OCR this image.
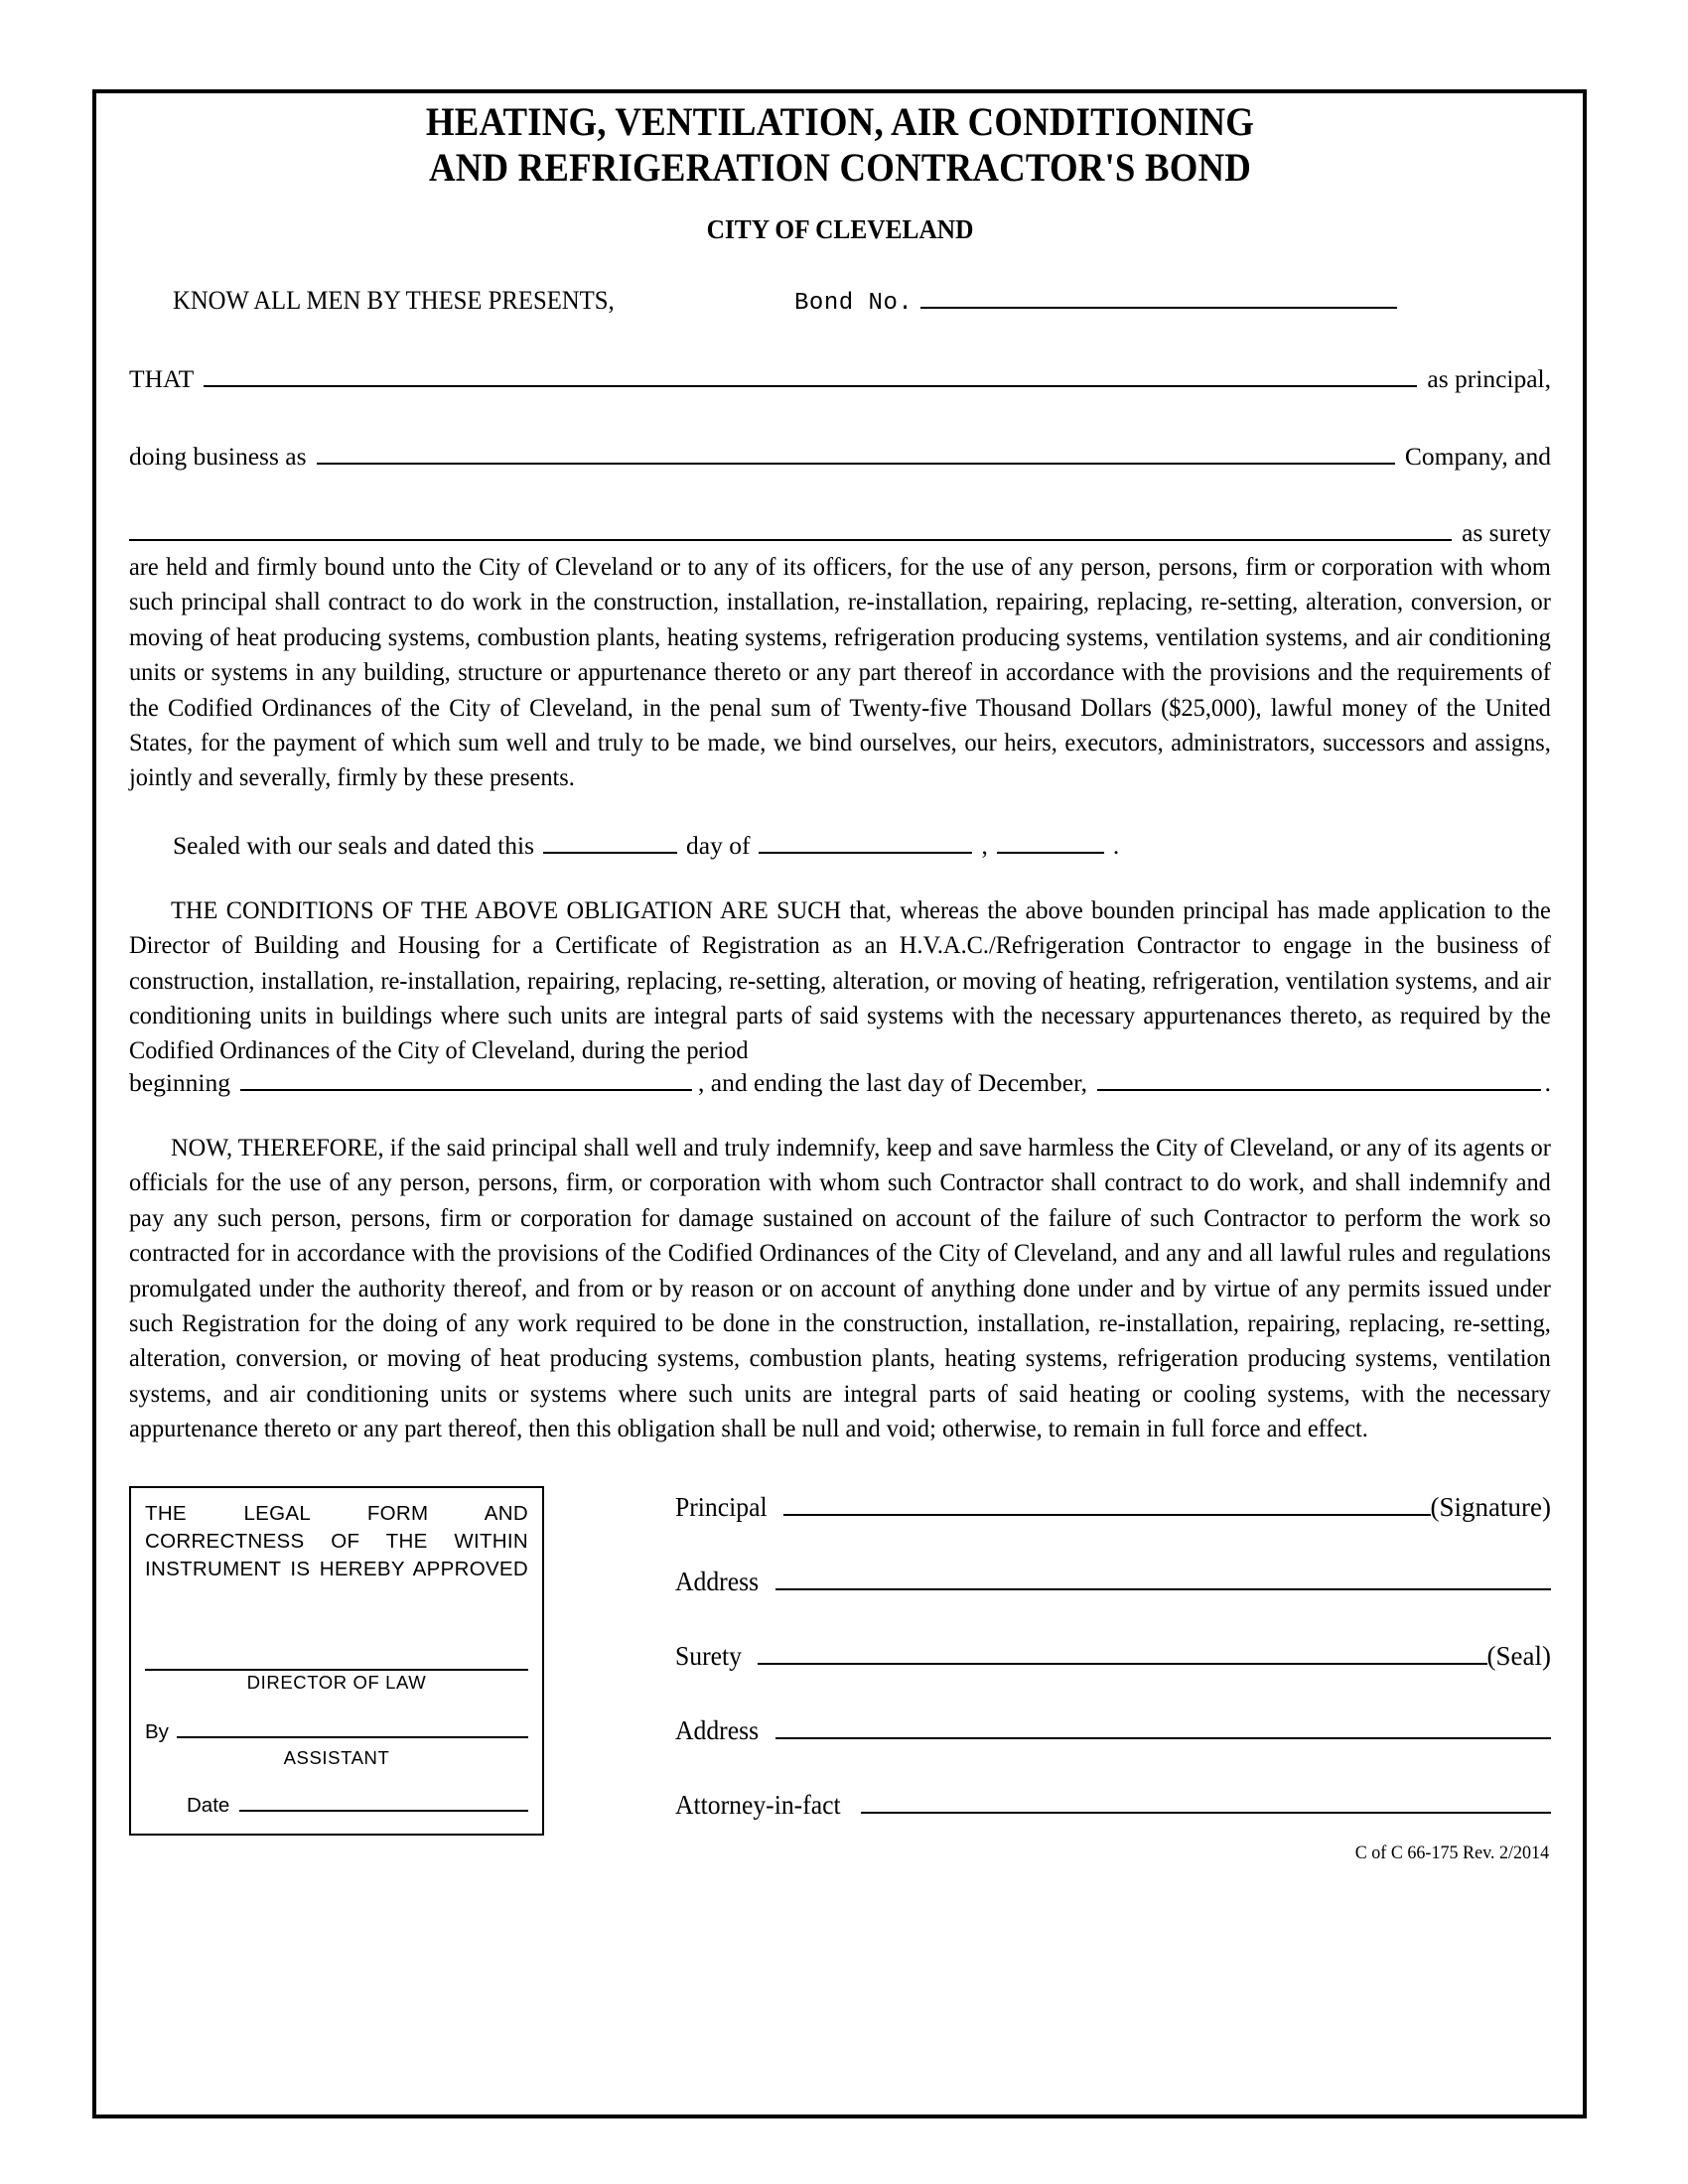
HEATING, VENTILATION, AIR CONDITIONING
AND REFRIGERATION CONTRACTOR'S BOND
CITY OF CLEVELAND
KNOW ALL MEN BY THESE PRESENTS,	Bond No.
THAT	as principal,
doing business as	Company, and
as surety

are held and firmly bound unto the City of Cleveland or to any of its officers, for the use of any person, persons, firm or corporation with whom such principal shall contract to do work in the construction, installation, re-installation, repairing, replacing, re-setting, alteration, conversion, or moving of heat producing systems, combustion plants, heating systems, refrigeration producing systems, ventilation systems, and air conditioning units or systems in any building, structure or appurtenance thereto or any part thereof in accordance with the provisions and the requirements of the Codified Ordinances of the City of Cleveland, in the penal sum of Twenty-five Thousand Dollars ($25,000), lawful money of the United States, for the payment of which sum well and truly to be made, we bind ourselves, our heirs, executors, administrators, successors and assigns, jointly and severally, firmly by these presents.

Sealed with our seals and dated this	day of	,	.

THE CONDITIONS OF THE ABOVE OBLIGATION ARE SUCH that, whereas the above bounden principal has made application to the Director of Building and Housing for a Certificate of Registration as an H.V.A.C./Refrigeration Contractor to engage in the business of construction, installation, re-installation, repairing, replacing, re-setting, alteration, or moving of heating, refrigeration, ventilation systems, and air conditioning units in buildings where such units are integral parts of said systems with the necessary appurtenances thereto, as required by the Codified Ordinances of the City of Cleveland, during the period

beginning	, and ending the last day of December,	.

NOW, THEREFORE, if the said principal shall well and truly indemnify, keep and save harmless the City of Cleveland, or any of its agents or officials for the use of any person, persons, firm, or corporation with whom such Contractor shall contract to do work, and shall indemnify and pay any such person, persons, firm or corporation for damage sustained on account of the failure of such Contractor to perform the work so contracted for in accordance with the provisions of the Codified Ordinances of the City of Cleveland, and any and all lawful rules and regulations promulgated under the authority thereof, and from or by reason or on account of anything done under and by virtue of any permits issued under such Registration for the doing of any work required to be done in the construction, installation, re-installation, repairing, replacing, re-setting, alteration, conversion, or moving of heat producing systems, combustion plants, heating systems, refrigeration producing systems, ventilation systems, and air conditioning units or systems where such units are integral parts of said heating or cooling systems, with the necessary appurtenance thereto or any part thereof, then this obligation shall be null and void; otherwise, to remain in full force and effect.

THE LEGAL FORM AND CORRECTNESS OF THE WITHIN INSTRUMENT IS HEREBY APPROVED
DIRECTOR OF LAW
By
ASSISTANT
Date
Principal	(Signature)
Address
Surety	(Seal)
Address
Attorney-in-fact
C of C 66-175 Rev. 2/2014
